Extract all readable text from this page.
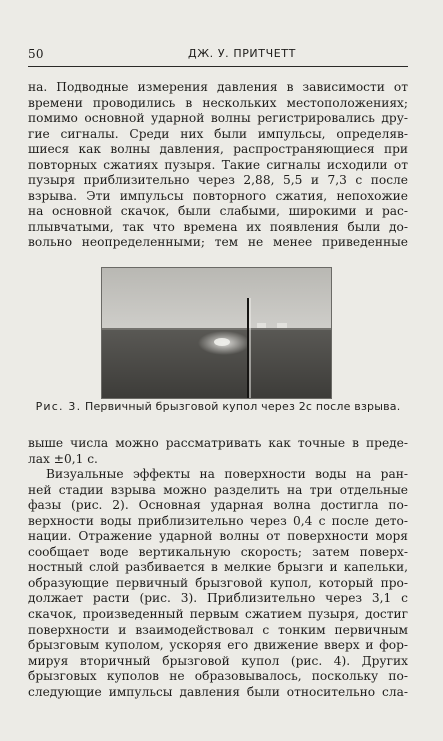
50	ДЖ. У. ПРИТЧЕТТ
на. Подводные измерения давления в зависимости от
времени проводились в нескольких местоположениях;
помимо основной ударной волны регистрировались дру-
гие сигналы. Среди них были импульсы, определяв-
шиеся как волны давления, распространяющиеся при
повторных сжатиях пузыря. Такие сигналы исходили от
пузыря приблизительно через 2,88, 5,5 и 7,3 с после
взрыва. Эти импульсы повторного сжатия, непохожие
на основной скачок, были слабыми, широкими и рас-
плывчатыми, так что времена их появления были до-
вольно неопределенными; тем не менее приведенные
Рис. 3. Первичный брызговой купол через 2с после взрыва.
выше числа можно рассматривать как точные в преде-
лах ±0,1 с.
Визуальные эффекты на поверхности воды на ран-
ней стадии взрыва можно разделить на три отдельные
фазы (рис. 2). Основная ударная волна достигла по-
верхности воды приблизительно через 0,4 с после дето-
нации. Отражение ударной волны от поверхности моря
сообщает воде вертикальную скорость; затем поверх-
ностный слой разбивается в мелкие брызги и капельки,
образующие первичный брызговой купол, который про-
должает расти (рис. 3). Приблизительно через 3,1 с
скачок, произведенный первым сжатием пузыря, достиг
поверхности и взаимодействовал с тонким первичным
брызговым куполом, ускоряя его движение вверх и фор-
мируя вторичный брызговой купол (рис. 4). Других
брызговых куполов не образовывалось, поскольку по-
следующие импульсы давления были относительно сла-
